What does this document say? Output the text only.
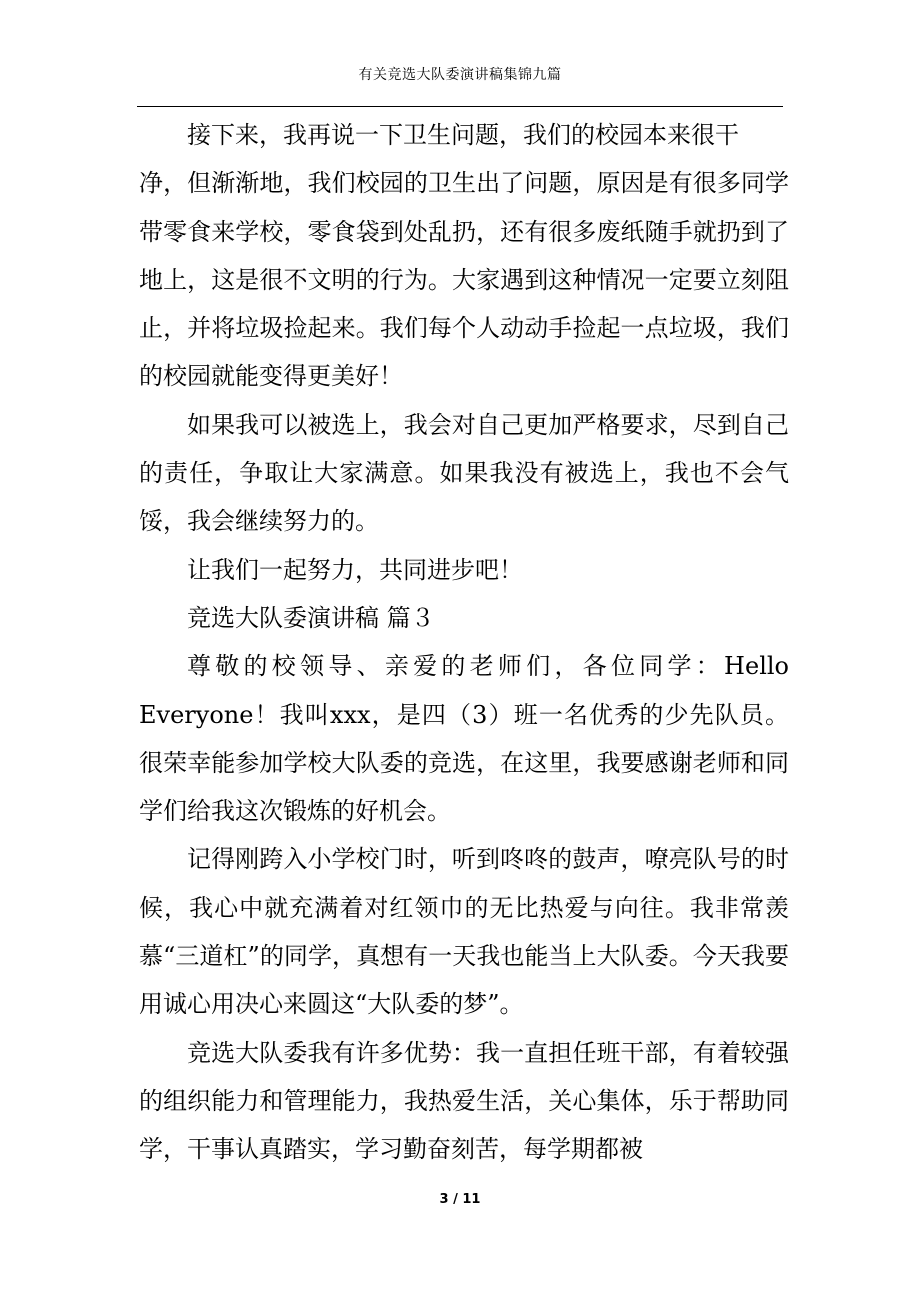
有关竞选大队委演讲稿集锦九篇

接下来，我再说一下卫生问题，我们的校园本来很干

净，但渐渐地，我们校园的卫生出了问题，原因是有很多同学带零食来学校，零食袋到处乱扔，还有很多废纸随手就扔到了地上，这是很不文明的行为。大家遇到这种情况一定要立刻阻止，并将垃圾捡起来。我们每个人动动手捡起一点垃圾，我们的校园就能变得更美好！

如果我可以被选上，我会对自己更加严格要求，尽到自己的责任，争取让大家满意。如果我没有被选上，我也不会气馁，我会继续努力的。

让我们一起努力，共同进步吧！

竞选大队委演讲稿 篇３

尊敬的校领导、亲爱的老师们，各位同学：Hello Everyone！我叫xxx，是四（3）班一名优秀的少先队员。很荣幸能参加学校大队委的竞选，在这里，我要感谢老师和同学们给我这次锻炼的好机会。

记得刚跨入小学校门时，听到咚咚的鼓声，嘹亮队号的时候，我心中就充满着对红领巾的无比热爱与向往。我非常羡慕“三道杠”的同学，真想有一天我也能当上大队委。今天我要用诚心用决心来圆这“大队委的梦”。

竞选大队委我有许多优势：我一直担任班干部，有着较强的组织能力和管理能力，我热爱生活，关心集体，乐于帮助同学，干事认真踏实，学习勤奋刻苦，每学期都被

3 / 11
